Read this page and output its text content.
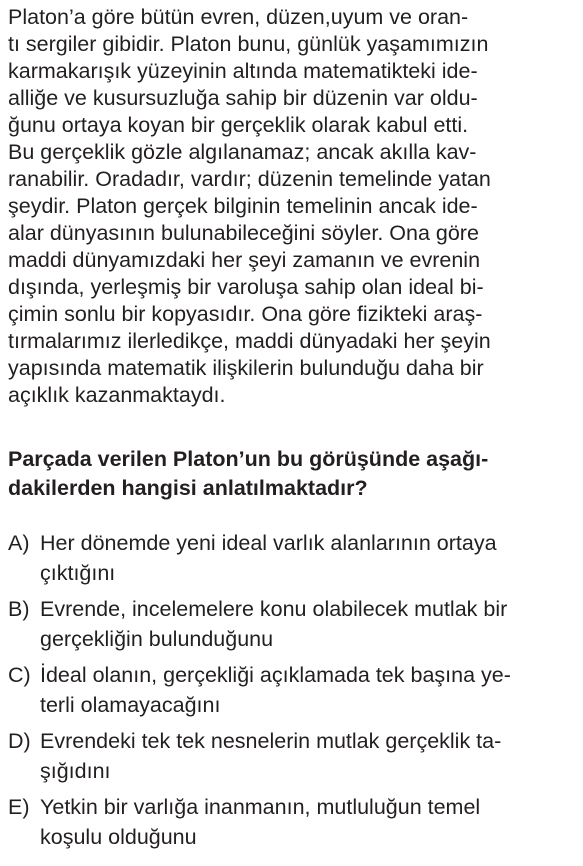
Platon’a göre bütün evren, düzen,uyum ve oran-
tı sergiler gibidir. Platon bunu, günlük yaşamımızın
karmakarışık yüzeyinin altında matematikteki ide-
alliğe ve kusursuzluğa sahip bir düzenin var oldu-
ğunu ortaya koyan bir gerçeklik olarak kabul etti.
Bu gerçeklik gözle algılanamaz; ancak akılla kav-
ranabilir. Oradadır, vardır; düzenin temelinde yatan
şeydir. Platon gerçek bilginin temelinin ancak ide-
alar dünyasının bulunabileceğini söyler. Ona göre
maddi dünyamızdaki her şeyi zamanın ve evrenin
dışında, yerleşmiş bir varoluşa sahip olan ideal bi-
çimin sonlu bir kopyasıdır. Ona göre fizikteki araş-
tırmalarımız ilerledikçe, maddi dünyadaki her şeyin
yapısında matematik ilişkilerin bulunduğu daha bir
açıklık kazanmaktaydı.
Parçada verilen Platon’un bu görüşünde aşağı-
dakilerden hangisi anlatılmaktadır?
A) Her dönemde yeni ideal varlık alanlarının ortaya
çıktığını
B) Evrende, incelemelere konu olabilecek mutlak bir
gerçekliğin bulunduğunu
C) İdeal olanın, gerçekliği açıklamada tek başına ye-
terli olamayacağını
D) Evrendeki tek tek nesnelerin mutlak gerçeklik ta-
şığıdını
E) Yetkin bir varlığa inanmanın, mutluluğun temel
koşulu olduğunu
